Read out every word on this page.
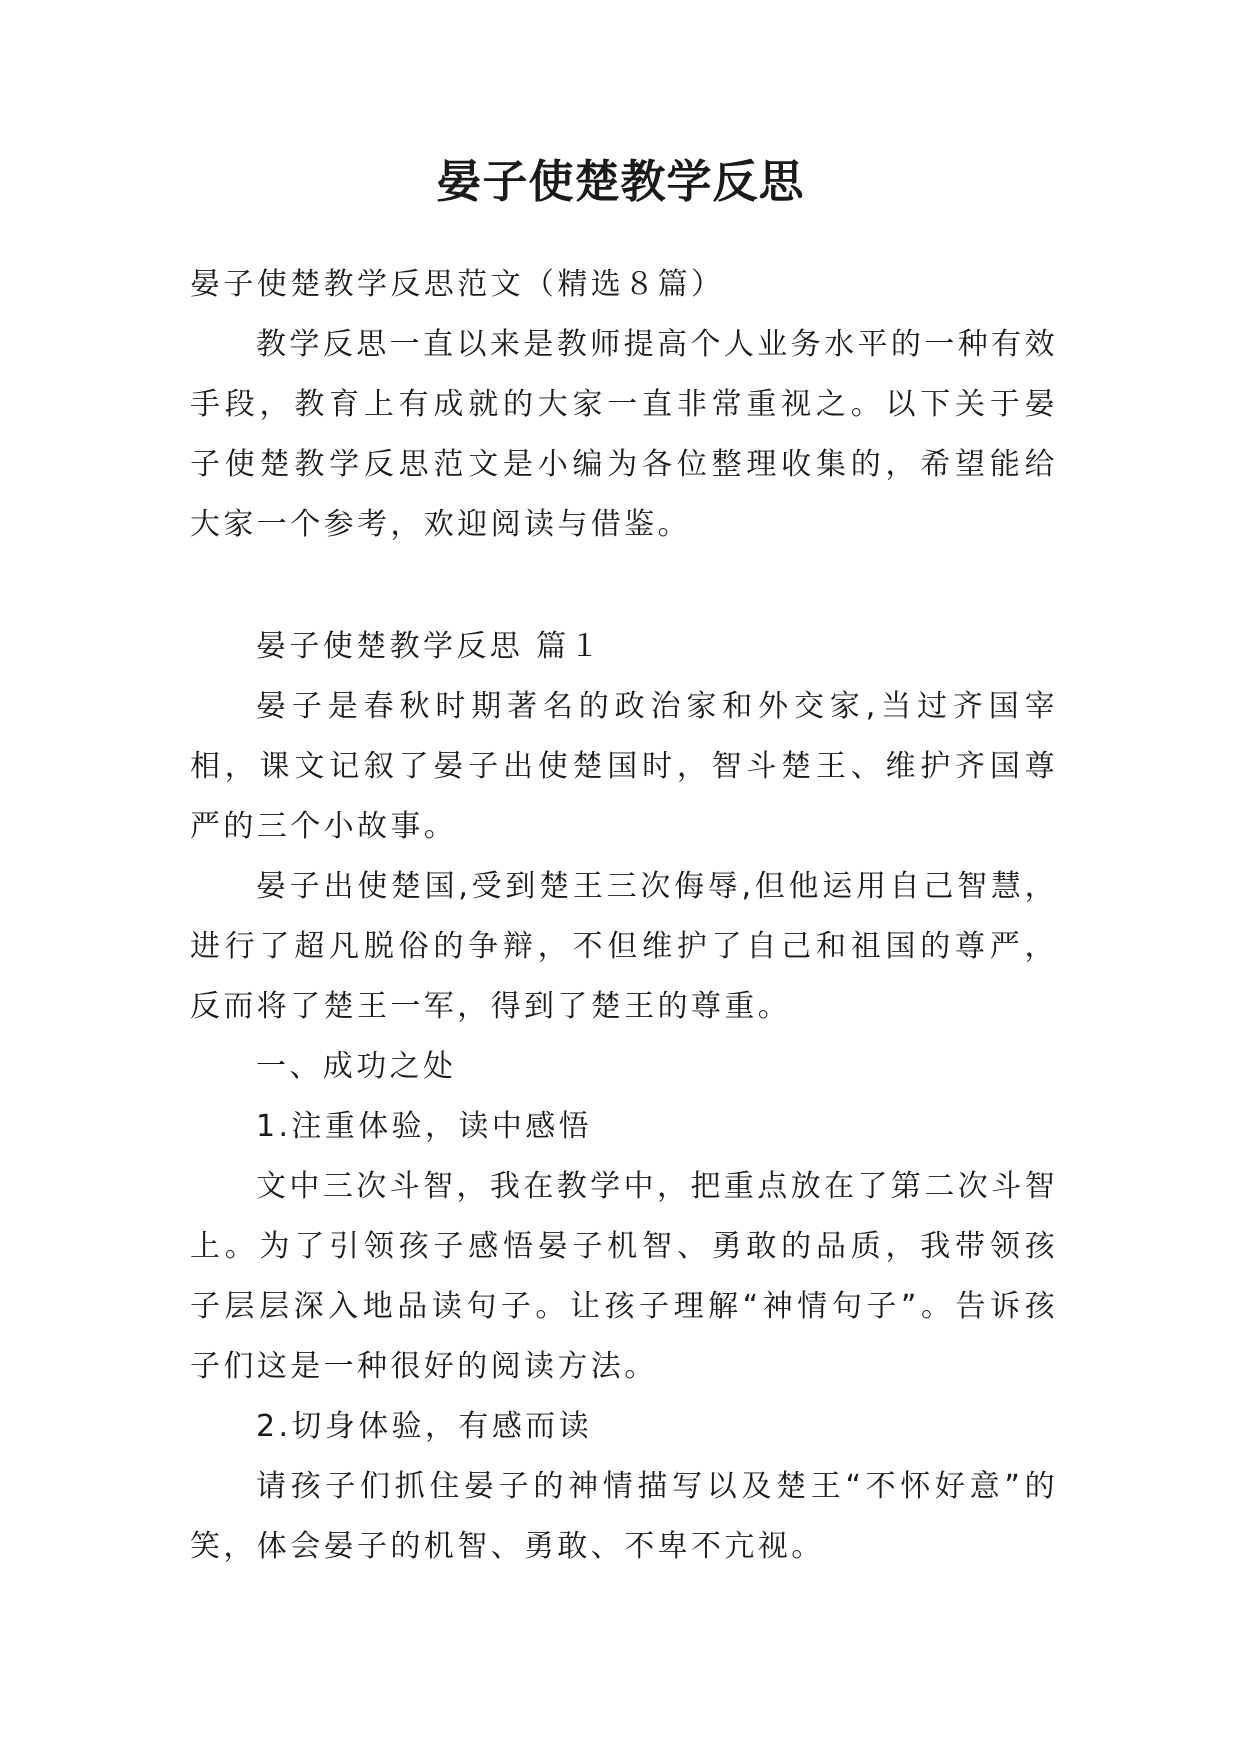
晏子使楚教学反思

晏子使楚教学反思范文（精选８篇）

教学反思一直以来是教师提高个人业务水平的一种有效手段，教育上有成就的大家一直非常重视之。以下关于晏子使楚教学反思范文是小编为各位整理收集的，希望能给大家一个参考，欢迎阅读与借鉴。

晏子使楚教学反思 篇１

晏子是春秋时期著名的政治家和外交家,当过齐国宰相，课文记叙了晏子出使楚国时，智斗楚王、维护齐国尊严的三个小故事。

晏子出使楚国,受到楚王三次侮辱,但他运用自己智慧，进行了超凡脱俗的争辩，不但维护了自己和祖国的尊严，反而将了楚王一军，得到了楚王的尊重。

一、成功之处

1.注重体验，读中感悟

文中三次斗智，我在教学中，把重点放在了第二次斗智上。为了引领孩子感悟晏子机智、勇敢的品质，我带领孩子层层深入地品读句子。让孩子理解“神情句子”。告诉孩子们这是一种很好的阅读方法。

2.切身体验，有感而读

请孩子们抓住晏子的神情描写以及楚王“不怀好意”的笑，体会晏子的机智、勇敢、不卑不亢视。
